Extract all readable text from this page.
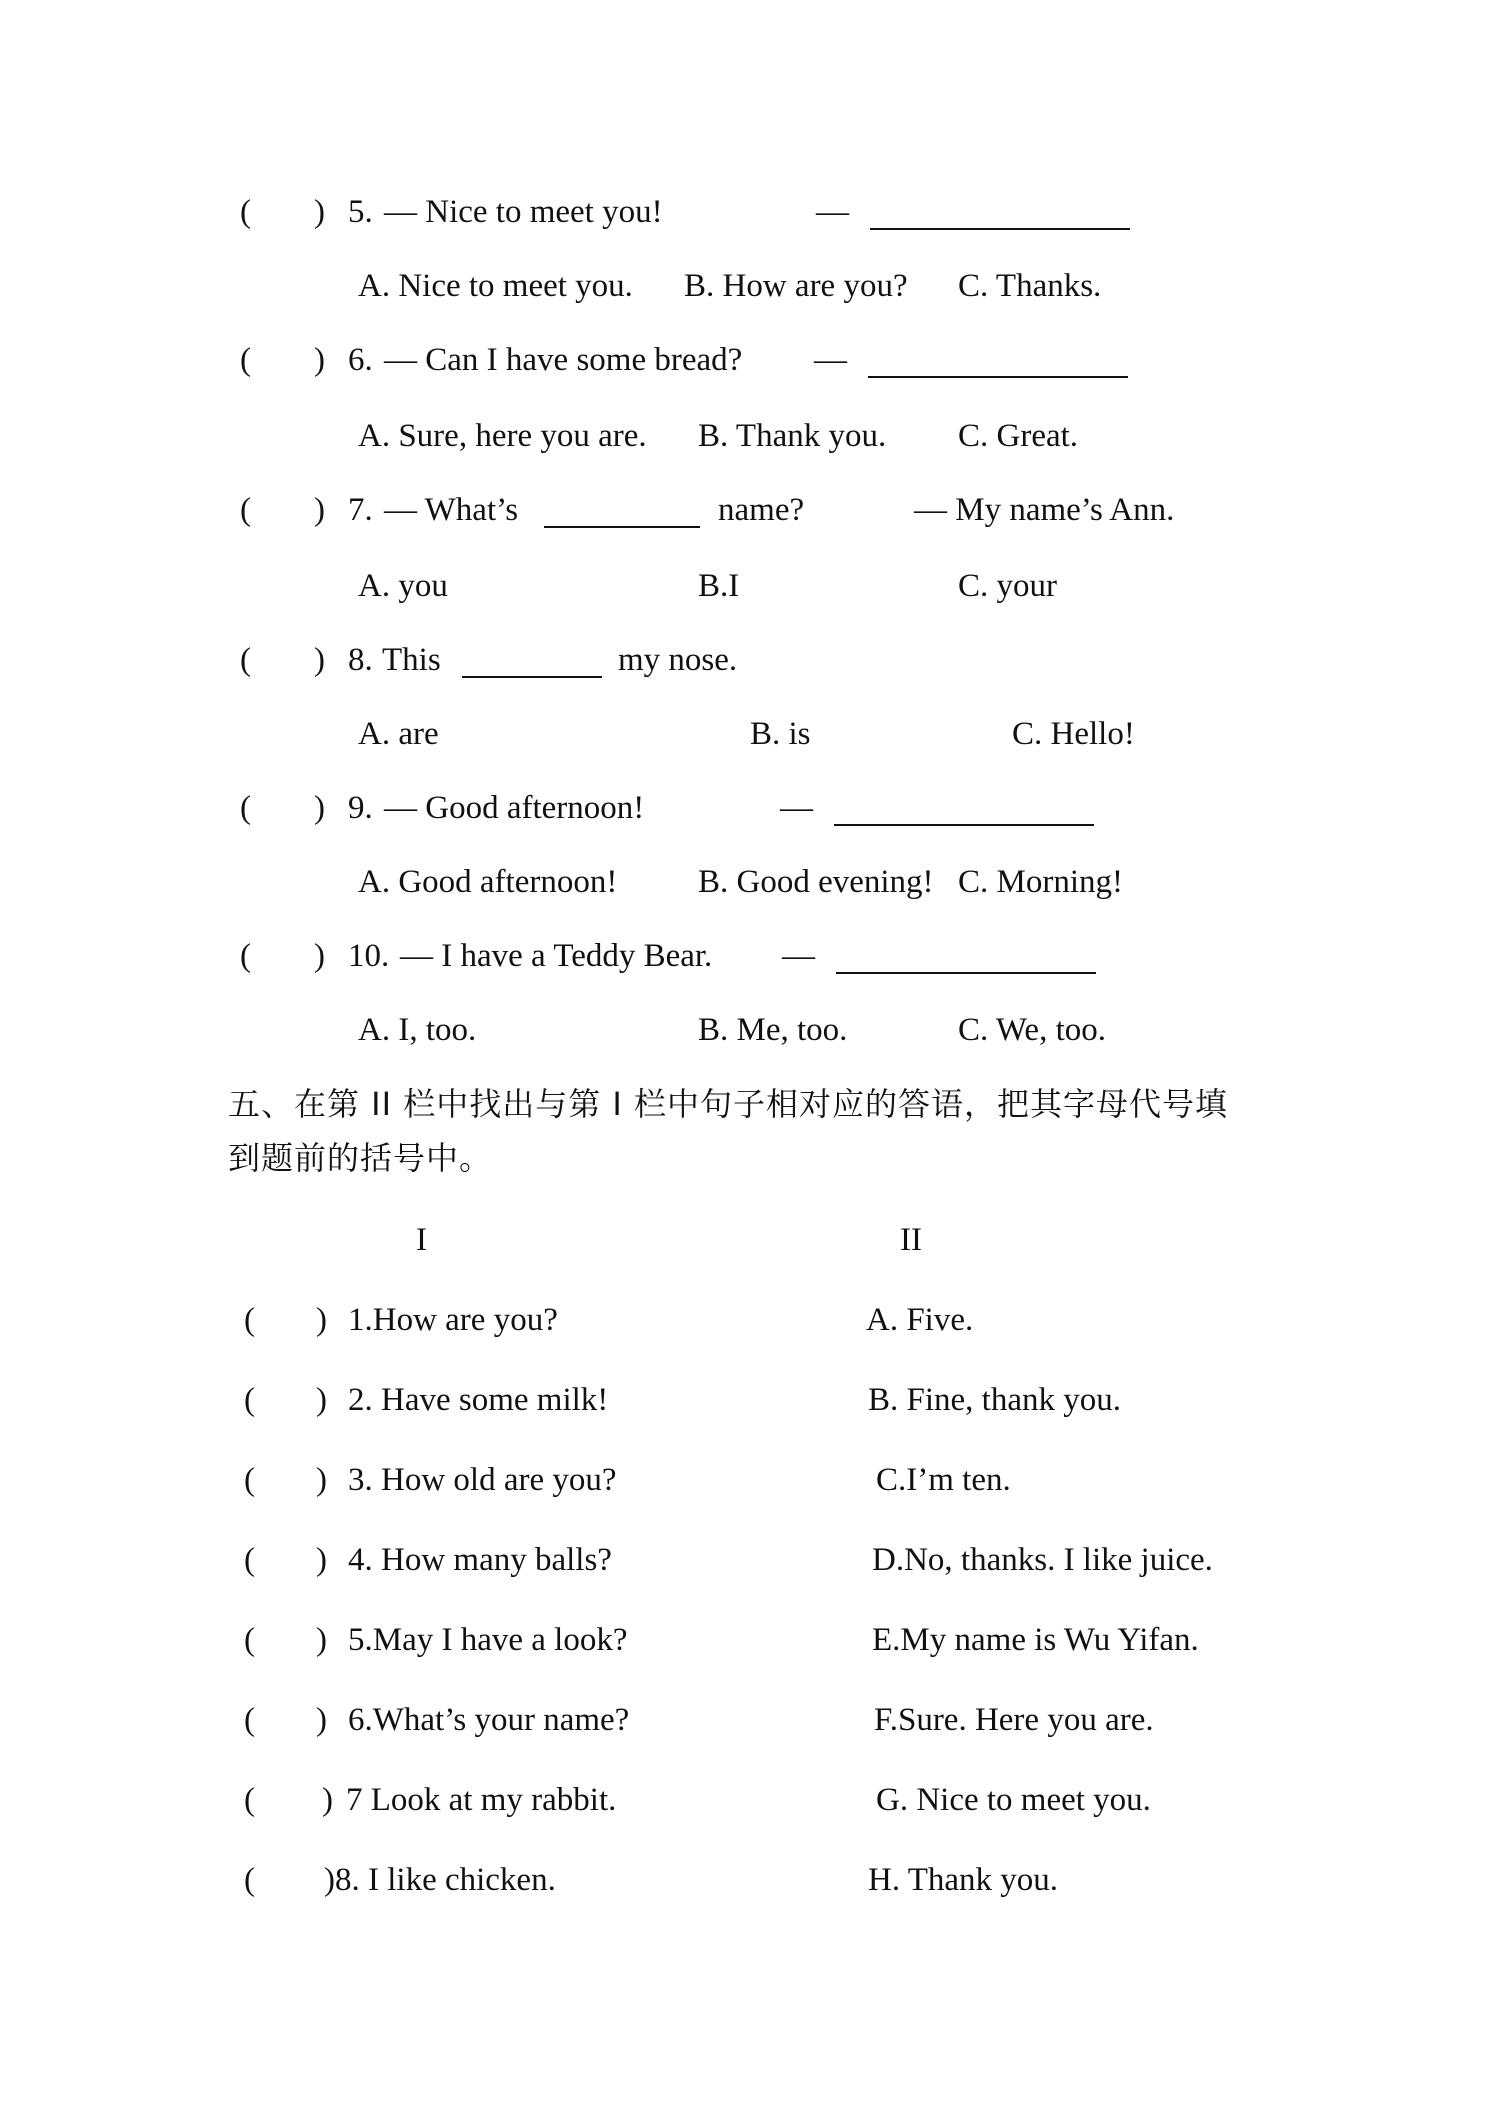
( ) 5. — Nice to meet you!	—
A. Nice to meet you. B. How are you? C. Thanks.
( ) 6. — Can I have some bread? —
A. Sure, here you are. B. Thank you. C. Great.
( ) 7. — What’s	name?	— My name’s Ann.
A. you	B.I	C. your
( ) 8. This	my nose.
A. are	B. is	C. Hello!
( ) 9. — Good afternoon!	—
A. Good afternoon! B. Good evening! C. Morning!
( ) 10. — I have a Teddy Bear. —
A. I, too.	B. Me, too.	C. We, too.
五、在第 II 栏中找出与第 I 栏中句子相对应的答语，把其字母代号填
到题前的括号中。
I	II
( ) 1.How are you?	A. Five.
( ) 2. Have some milk!	B. Fine, thank you.
( ) 3. How old are you?	C.I’m ten.
( ) 4. How many balls?	D.No, thanks. I like juice.
( ) 5.May I have a look?	E.My name is Wu Yifan.
( ) 6.What’s your name?	F.Sure. Here you are.
( ) 7 Look at my rabbit.	G. Nice to meet you.
( )8. I like chicken.	H. Thank you.
